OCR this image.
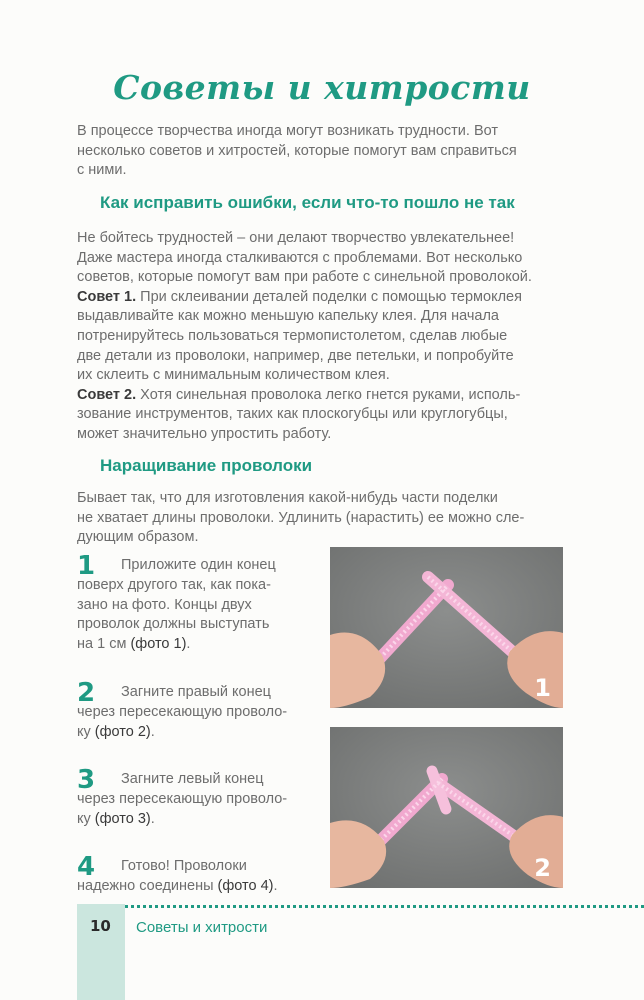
Советы и хитрости
В процессе творчества иногда могут возникать трудности. Вот
несколько советов и хитростей, которые помогут вам справиться
с ними.
Как исправить ошибки, если что-то пошло не так
Не бойтесь трудностей – они делают творчество увлекательнее!
Даже мастера иногда сталкиваются с проблемами. Вот несколько
советов, которые помогут вам при работе с синельной проволокой.
Совет 1. При склеивании деталей поделки с помощью термоклея
выдавливайте как можно меньшую капельку клея. Для начала
потренируйтесь пользоваться термопистолетом, сделав любые
две детали из проволоки, например, две петельки, и попробуйте
их склеить с минимальным количеством клея.
Совет 2. Хотя синельная проволока легко гнется руками, исполь-
зование инструментов, таких как плоскогубцы или круглогубцы,
может значительно упростить работу.
Наращивание проволоки
Бывает так, что для изготовления какой-нибудь части поделки
не хватает длины проволоки. Удлинить (нарастить) ее можно сле-
дующим образом.
1 Приложите один конец
поверх другого так, как пока-
зано на фото. Концы двух
проволок должны выступать
на 1 см (фото 1).
2 Загните правый конец
через пересекающую проволо-
ку (фото 2).
3 Загните левый конец
через пересекающую проволо-
ку (фото 3).
4 Готово! Проволоки
надежно соединены (фото 4).
1
2
10 Советы и хитрости
